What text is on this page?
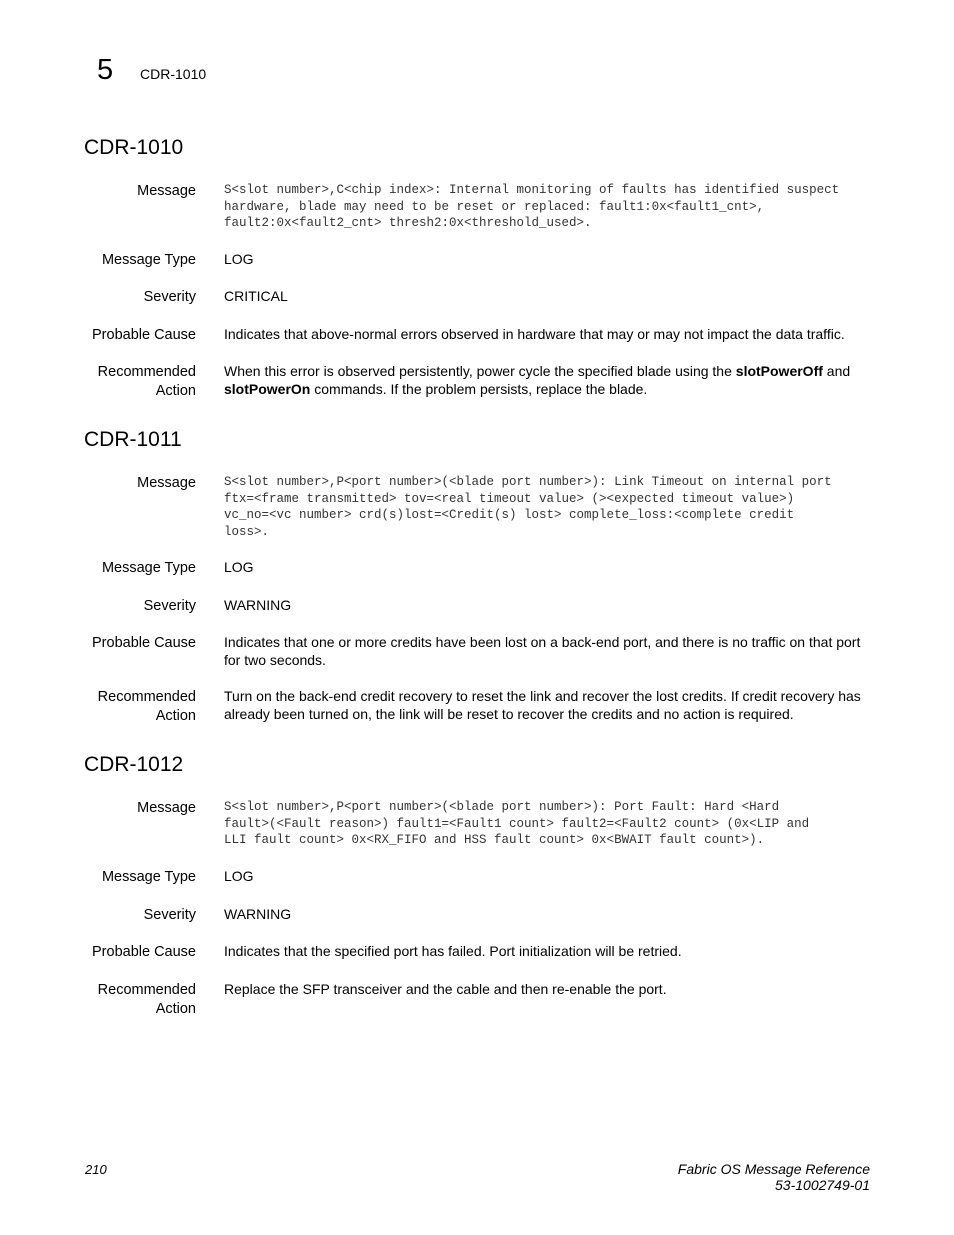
5 CDR-1010
CDR-1010
Message S<slot number>,C<chip index>: Internal monitoring of faults has identified suspect
hardware, blade may need to be reset or replaced: fault1:0x<fault1_cnt>,
fault2:0x<fault2_cnt> thresh2:0x<threshold_used>.
Message Type LOG
Severity CRITICAL
Probable Cause Indicates that above-normal errors observed in hardware that may or may not impact the data traffic.
Recommended
Action
When this error is observed persistently, power cycle the specified blade using the slotPowerOff and slotPowerOn commands. If the problem persists, replace the blade.
CDR-1011
Message S<slot number>,P<port number>(<blade port number>): Link Timeout on internal port
ftx=<frame transmitted> tov=<real timeout value> (><expected timeout value>)
vc_no=<vc number> crd(s)lost=<Credit(s) lost> complete_loss:<complete credit
loss>.
Message Type LOG
Severity WARNING
Probable Cause Indicates that one or more credits have been lost on a back-end port, and there is no traffic on that port for two seconds.
Recommended
Action
Turn on the back-end credit recovery to reset the link and recover the lost credits. If credit recovery has already been turned on, the link will be reset to recover the credits and no action is required.
CDR-1012
Message S<slot number>,P<port number>(<blade port number>): Port Fault: Hard <Hard
fault>(<Fault reason>) fault1=<Fault1 count> fault2=<Fault2 count> (0x<LIP and
LLI fault count> 0x<RX_FIFO and HSS fault count> 0x<BWAIT fault count>).
Message Type LOG
Severity WARNING
Probable Cause Indicates that the specified port has failed. Port initialization will be retried.
Recommended
Action
Replace the SFP transceiver and the cable and then re-enable the port.
210	Fabric OS Message Reference
53-1002749-01
